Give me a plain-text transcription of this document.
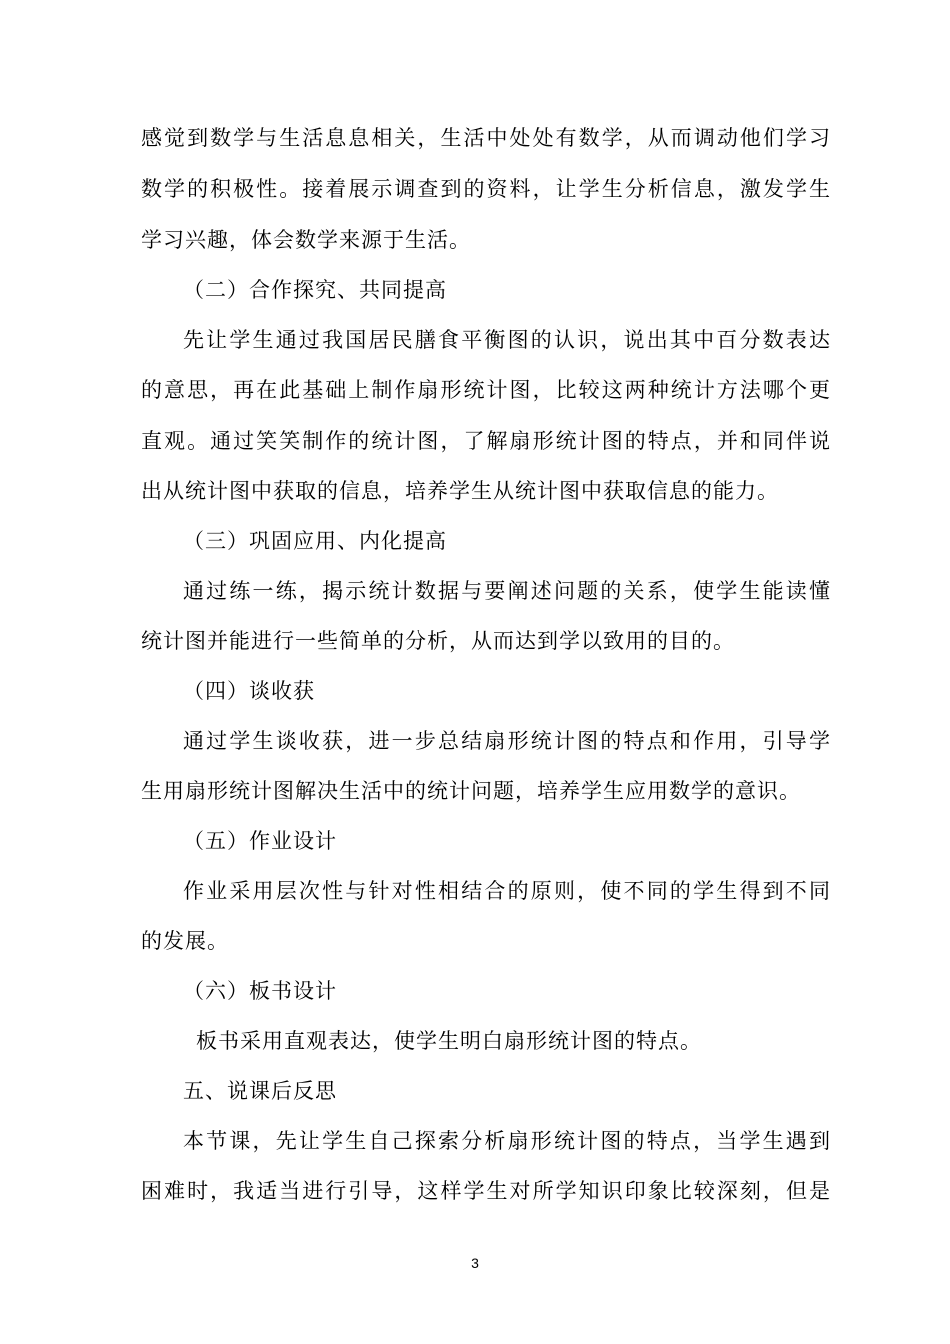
感觉到数学与生活息息相关，生活中处处有数学，从而调动他们学习
数学的积极性。接着展示调查到的资料，让学生分析信息，激发学生
学习兴趣，体会数学来源于生活。
（二）合作探究、共同提高
先让学生通过我国居民膳食平衡图的认识，说出其中百分数表达
的意思，再在此基础上制作扇形统计图，比较这两种统计方法哪个更
直观。通过笑笑制作的统计图，了解扇形统计图的特点，并和同伴说
出从统计图中获取的信息，培养学生从统计图中获取信息的能力。
（三）巩固应用、内化提高
通过练一练，揭示统计数据与要阐述问题的关系，使学生能读懂
统计图并能进行一些简单的分析，从而达到学以致用的目的。
（四）谈收获
通过学生谈收获，进一步总结扇形统计图的特点和作用，引导学
生用扇形统计图解决生活中的统计问题，培养学生应用数学的意识。
（五）作业设计
作业采用层次性与针对性相结合的原则，使不同的学生得到不同
的发展。
（六）板书设计
板书采用直观表达，使学生明白扇形统计图的特点。
五、说课后反思
本节课，先让学生自己探索分析扇形统计图的特点，当学生遇到
困难时，我适当进行引导，这样学生对所学知识印象比较深刻，但是
3
